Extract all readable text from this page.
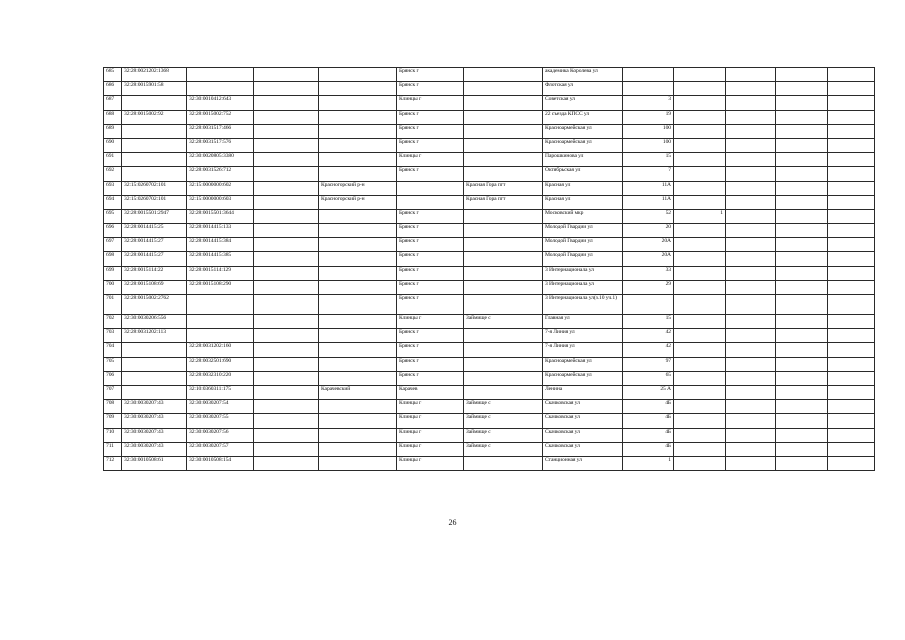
685	32:28:0021202:1368				Брянск г		академика Королева ул					
686	32:28:0015901:58				Брянск г		Флотская ул					
687		32:30:0010412:643			Клинцы г		Советская ул	3				
688	32:28:0015002:92	32:28:0015002:752			Брянск г		22 съезда КПСС ул	19				
689		32:28:0031517:466			Брянск г		Красноармейская ул	100				
690		32:28:0031517:576			Брянск г		Красноармейская ул	100				
691		32:30:0020805:3380			Клинцы г		Парошкинова ул	15				
692		32:28:0031526:712			Брянск г		Октябрьская ул	7				
693	32:15:0260702:101	32:15:0000000:602		Красногорский р-н		Красная Гора пгт	Красная ул	11А				
694	32:15:0260702:101	32:15:0000000:603		Красногорский р-н		Красная Гора пгт	Красная ул	11А				
695	32:28:0015501:2947	32:28:0015501:3644			Брянск г		Московский мкр	52	1			
696	32:28:0014415:25	32:28:0014415:133			Брянск г		Молодой Гвардии ул	20				
697	32:28:0014415:27	32:28:0014415:384			Брянск г		Молодой Гвардии ул	20А				
698	32:28:0014415:27	32:28:0014415:385			Брянск г		Молодой Гвардии ул	20А				
699	32:28:0015114:22	32:28:0015114:129			Брянск г		3 Интернационала ул	33				
700	32:28:0015108:69	32:28:0015108:290			Брянск г		3 Интернационала ул	29				
701	32:28:0015002:2762				Брянск г		3 Интернационала ул(з.10 уч.1)					
702	32:30:0030206:556				Клинцы г	Займище с	Главная ул	15				
703	32:28:0031202:113				Брянск г		7-я Линия ул	42				
704		32:28:0031202:160			Брянск г		7-я Линия ул	42				
705		32:28:0032501:690			Брянск г		Красноармейская ул	97				
706		32:28:0032310:220			Брянск г		Красноармейская ул	65				
707		32:10:0360311:175		Карачевский	Карачев		Ленина	25 А				
708	32:30:0030207:43	32:30:0030207:54			Клинцы г	Займище с	Скачковская ул	4Б				
709	32:30:0030207:43	32:30:0030207:55			Клинцы г	Займище с	Скачковская ул	4Б				
710	32:30:0030207:43	32:30:0030207:56			Клинцы г	Займище с	Скачковская ул	4Б				
711	32:30:0030207:43	32:30:0030207:57			Клинцы г	Займище с	Скачковская ул	4Б				
712	32:30:0010508:61	32:30:0010508:154			Клинцы г		Станционная ул	1				
26
